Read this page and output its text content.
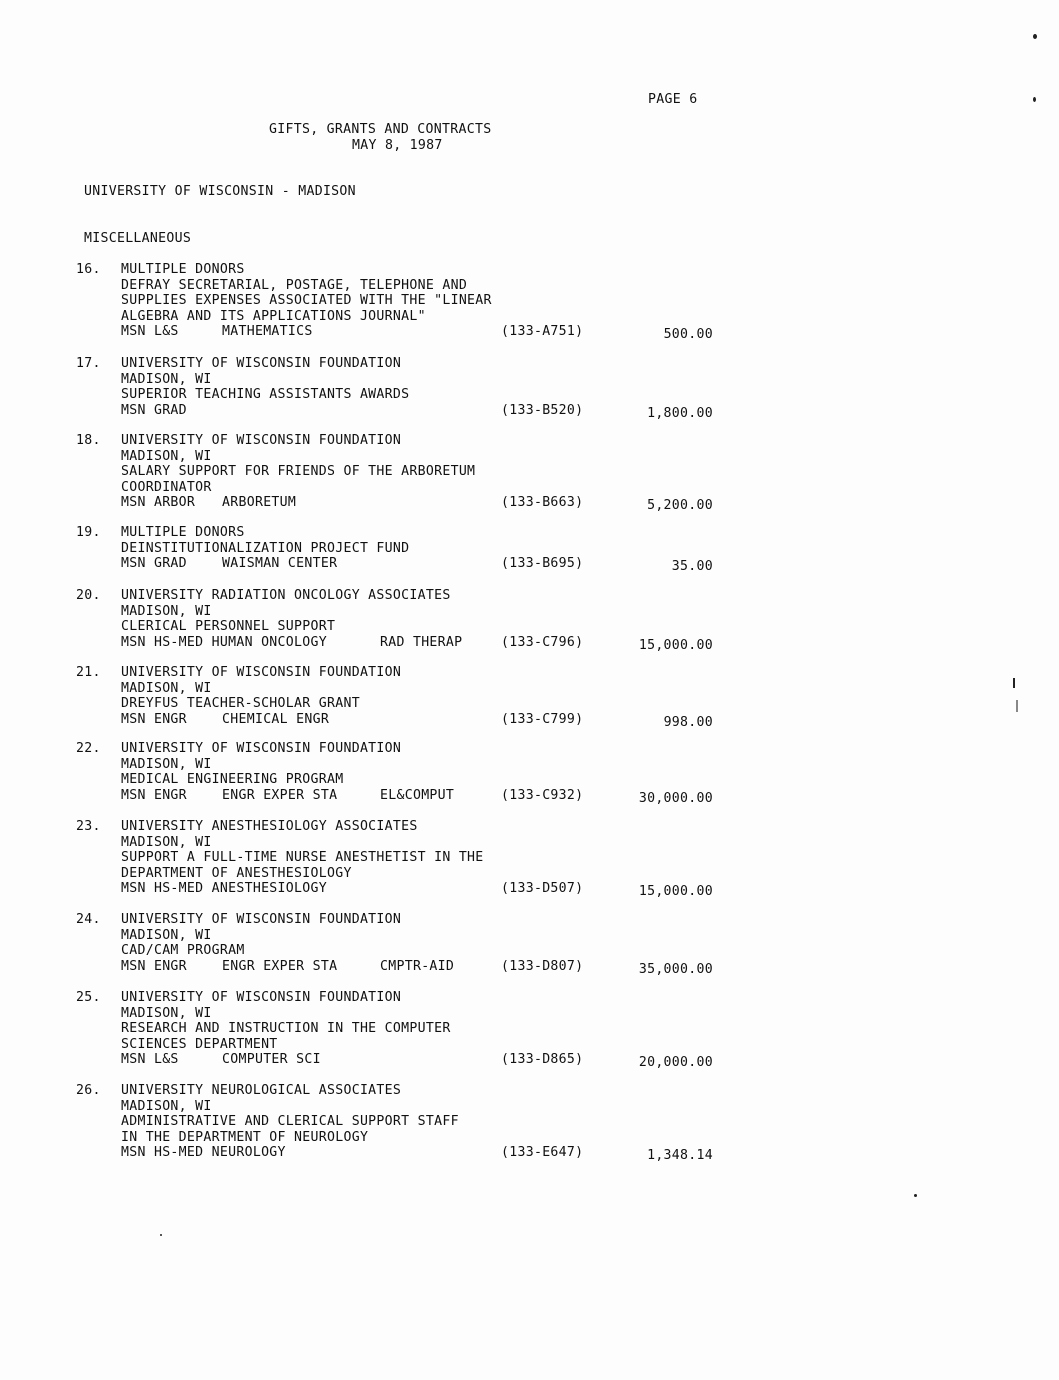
PAGE 6
GIFTS, GRANTS AND CONTRACTS
MAY 8, 1987
UNIVERSITY OF WISCONSIN - MADISON
MISCELLANEOUS
16. MULTIPLE DONORS
DEFRAY SECRETARIAL, POSTAGE, TELEPHONE AND
SUPPLIES EXPENSES ASSOCIATED WITH THE "LINEAR
ALGEBRA AND ITS APPLICATIONS JOURNAL"
MSN L&S	MATHEMATICS	(133-A751)	500.00
17. UNIVERSITY OF WISCONSIN FOUNDATION
MADISON, WI
SUPERIOR TEACHING ASSISTANTS AWARDS
MSN GRAD	(133-B520)	1,800.00
18. UNIVERSITY OF WISCONSIN FOUNDATION
MADISON, WI
SALARY SUPPORT FOR FRIENDS OF THE ARBORETUM
COORDINATOR
MSN ARBOR ARBORETUM	(133-B663)	5,200.00
19. MULTIPLE DONORS
DEINSTITUTIONALIZATION PROJECT FUND
MSN GRAD	WAISMAN CENTER	(133-B695)	35.00
20. UNIVERSITY RADIATION ONCOLOGY ASSOCIATES
MADISON, WI
CLERICAL PERSONNEL SUPPORT
MSN HS-MED HUMAN ONCOLOGY	RAD THERAP	(133-C796)	15,000.00
21. UNIVERSITY OF WISCONSIN FOUNDATION
MADISON, WI
DREYFUS TEACHER-SCHOLAR GRANT
MSN ENGR	CHEMICAL ENGR	(133-C799)	998.00
22. UNIVERSITY OF WISCONSIN FOUNDATION
MADISON, WI
MEDICAL ENGINEERING PROGRAM
MSN ENGR	ENGR EXPER STA	EL&COMPUT	(133-C932)	30,000.00
23. UNIVERSITY ANESTHESIOLOGY ASSOCIATES
MADISON, WI
SUPPORT A FULL-TIME NURSE ANESTHETIST IN THE
DEPARTMENT OF ANESTHESIOLOGY
MSN HS-MED ANESTHESIOLOGY	(133-D507)	15,000.00
24. UNIVERSITY OF WISCONSIN FOUNDATION
MADISON, WI
CAD/CAM PROGRAM
MSN ENGR	ENGR EXPER STA	CMPTR-AID	(133-D807)	35,000.00
25. UNIVERSITY OF WISCONSIN FOUNDATION
MADISON, WI
RESEARCH AND INSTRUCTION IN THE COMPUTER
SCIENCES DEPARTMENT
MSN L&S	COMPUTER SCI	(133-D865)	20,000.00
26. UNIVERSITY NEUROLOGICAL ASSOCIATES
MADISON, WI
ADMINISTRATIVE AND CLERICAL SUPPORT STAFF
IN THE DEPARTMENT OF NEUROLOGY
MSN HS-MED NEUROLOGY	(133-E647)	1,348.14
